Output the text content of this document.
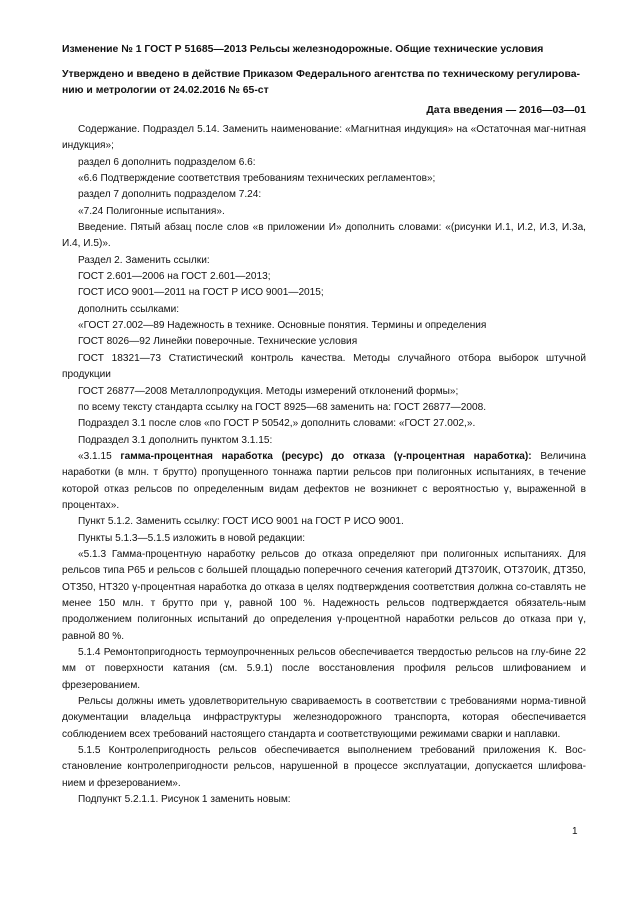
Изменение № 1 ГОСТ Р 51685—2013 Рельсы железнодорожные. Общие технические условия
Утверждено и введено в действие Приказом Федерального агентства по техническому регулирова-
нию и метрологии от 24.02.2016 № 65-ст
Дата введения — 2016—03—01

Содержание. Подраздел 5.14. Заменить наименование: «Магнитная индукция» на «Остаточная маг-нитная индукция»;

раздел 6 дополнить подразделом 6.6:

«6.6 Подтверждение соответствия требованиям технических регламентов»;

раздел 7 дополнить подразделом 7.24:

«7.24 Полигонные испытания».

Введение. Пятый абзац после слов «в приложении И» дополнить словами: «(рисунки И.1, И.2, И.3, И.3а, И.4, И.5)».

Раздел 2. Заменить ссылки:

ГОСТ 2.601—2006 на ГОСТ 2.601—2013;

ГОСТ ИСО 9001—2011 на ГОСТ Р ИСО 9001—2015;

дополнить ссылками:

«ГОСТ 27.002—89 Надежность в технике. Основные понятия. Термины и определения

ГОСТ 8026—92 Линейки поверочные. Технические условия

ГОСТ 18321—73 Статистический контроль качества. Методы случайного отбора выборок штучной продукции

ГОСТ 26877—2008 Металлопродукция. Методы измерений отклонений формы»;

по всему тексту стандарта ссылку на ГОСТ 8925—68 заменить на: ГОСТ 26877—2008.

Подраздел 3.1 после слов «по ГОСТ Р 50542,» дополнить словами: «ГОСТ 27.002,».

Подраздел 3.1 дополнить пунктом 3.1.15:

«3.1.15 гамма-процентная наработка (ресурс) до отказа (γ-процентная наработка): Величина наработки (в млн. т брутто) пропущенного тоннажа партии рельсов при полигонных испытаниях, в течение которой отказ рельсов по определенным видам дефектов не возникнет с вероятностью γ, выраженной в процентах».

Пункт 5.1.2. Заменить ссылку: ГОСТ ИСО 9001 на ГОСТ Р ИСО 9001.

Пункты 5.1.3—5.1.5 изложить в новой редакции:

«5.1.3 Гамма-процентную наработку рельсов до отказа определяют при полигонных испытаниях. Для рельсов типа Р65 и рельсов с большей площадью поперечного сечения категорий ДТ370ИК, ОТ370ИК, ДТ350, ОТ350, НТ320 γ-процентная наработка до отказа в целях подтверждения соответствия должна со-ставлять не менее 150 млн. т брутто при γ, равной 100 %. Надежность рельсов подтверждается обязатель-ным продолжением полигонных испытаний до определения γ-процентной наработки рельсов до отказа при γ, равной 80 %.

5.1.4 Ремонтопригодность термоупрочненных рельсов обеспечивается твердостью рельсов на глу-бине 22 мм от поверхности катания (см. 5.9.1) после восстановления профиля рельсов шлифованием и фрезерованием.

Рельсы должны иметь удовлетворительную свариваемость в соответствии с требованиями норма-тивной документации владельца инфраструктуры железнодорожного транспорта, которая обеспечивается соблюдением всех требований настоящего стандарта и соответствующими режимами сварки и наплавки.

5.1.5 Контролепригодность рельсов обеспечивается выполнением требований приложения К. Вос-становление контролепригодности рельсов, нарушенной в процессе эксплуатации, допускается шлифова-нием и фрезерованием».

Подпункт 5.2.1.1. Рисунок 1 заменить новым:

1
